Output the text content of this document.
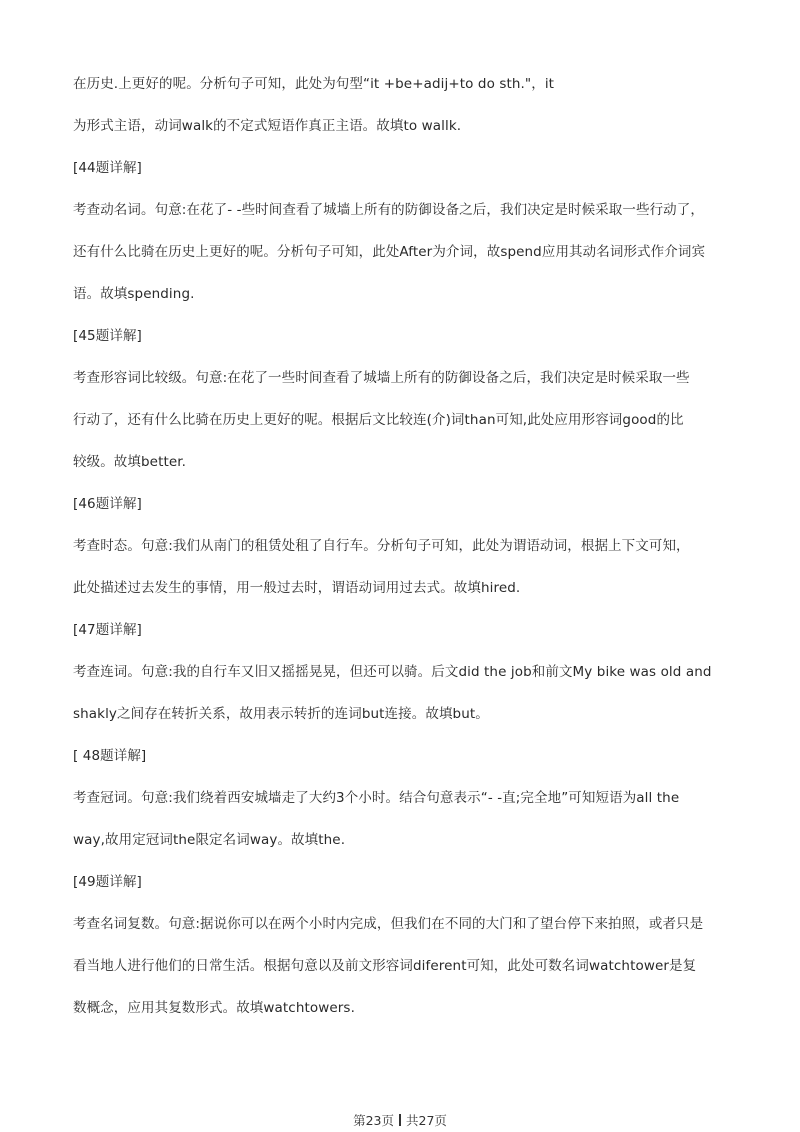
在历史.上更好的呢。分析句子可知，此处为句型“it +be+adij+to do sth."，it
为形式主语，动词walk的不定式短语作真正主语。故填to wallk.
[44题详解]
考查动名词。句意:在花了- -些时间查看了城墙上所有的防御设备之后，我们决定是时候采取一些行动了，
还有什么比骑在历史上更好的呢。分析句子可知，此处After为介词，故spend应用其动名词形式作介词宾
语。故填spending.
[45题详解]
考查形容词比较级。句意:在花了一些时间查看了城墙上所有的防御设备之后，我们决定是时候采取一些
行动了，还有什么比骑在历史上更好的呢。根据后文比较连(介)词than可知,此处应用形容词good的比
较级。故填better.
[46题详解]
考查时态。句意:我们从南门的租赁处租了自行车。分析句子可知，此处为谓语动词，根据上下文可知，
此处描述过去发生的事情，用一般过去时，谓语动词用过去式。故填hired.
[47题详解]
考查连词。句意:我的自行车又旧又摇摇晃晃，但还可以骑。后文did the job和前文My bike was old and
shakly之间存在转折关系，故用表示转折的连词but连接。故填but。
[ 48题详解]
考查冠词。句意:我们绕着西安城墙走了大约3个小时。结合句意表示“- -直;完全地”可知短语为all the
way,故用定冠词the限定名词way。故填the.
[49题详解]
考查名词复数。句意:据说你可以在两个小时内完成，但我们在不同的大门和了望台停下来拍照，或者只是
看当地人进行他们的日常生活。根据句意以及前文形容词diferent可知，此处可数名词watchtower是复
数概念，应用其复数形式。故填watchtowers.
第23页 共27页
